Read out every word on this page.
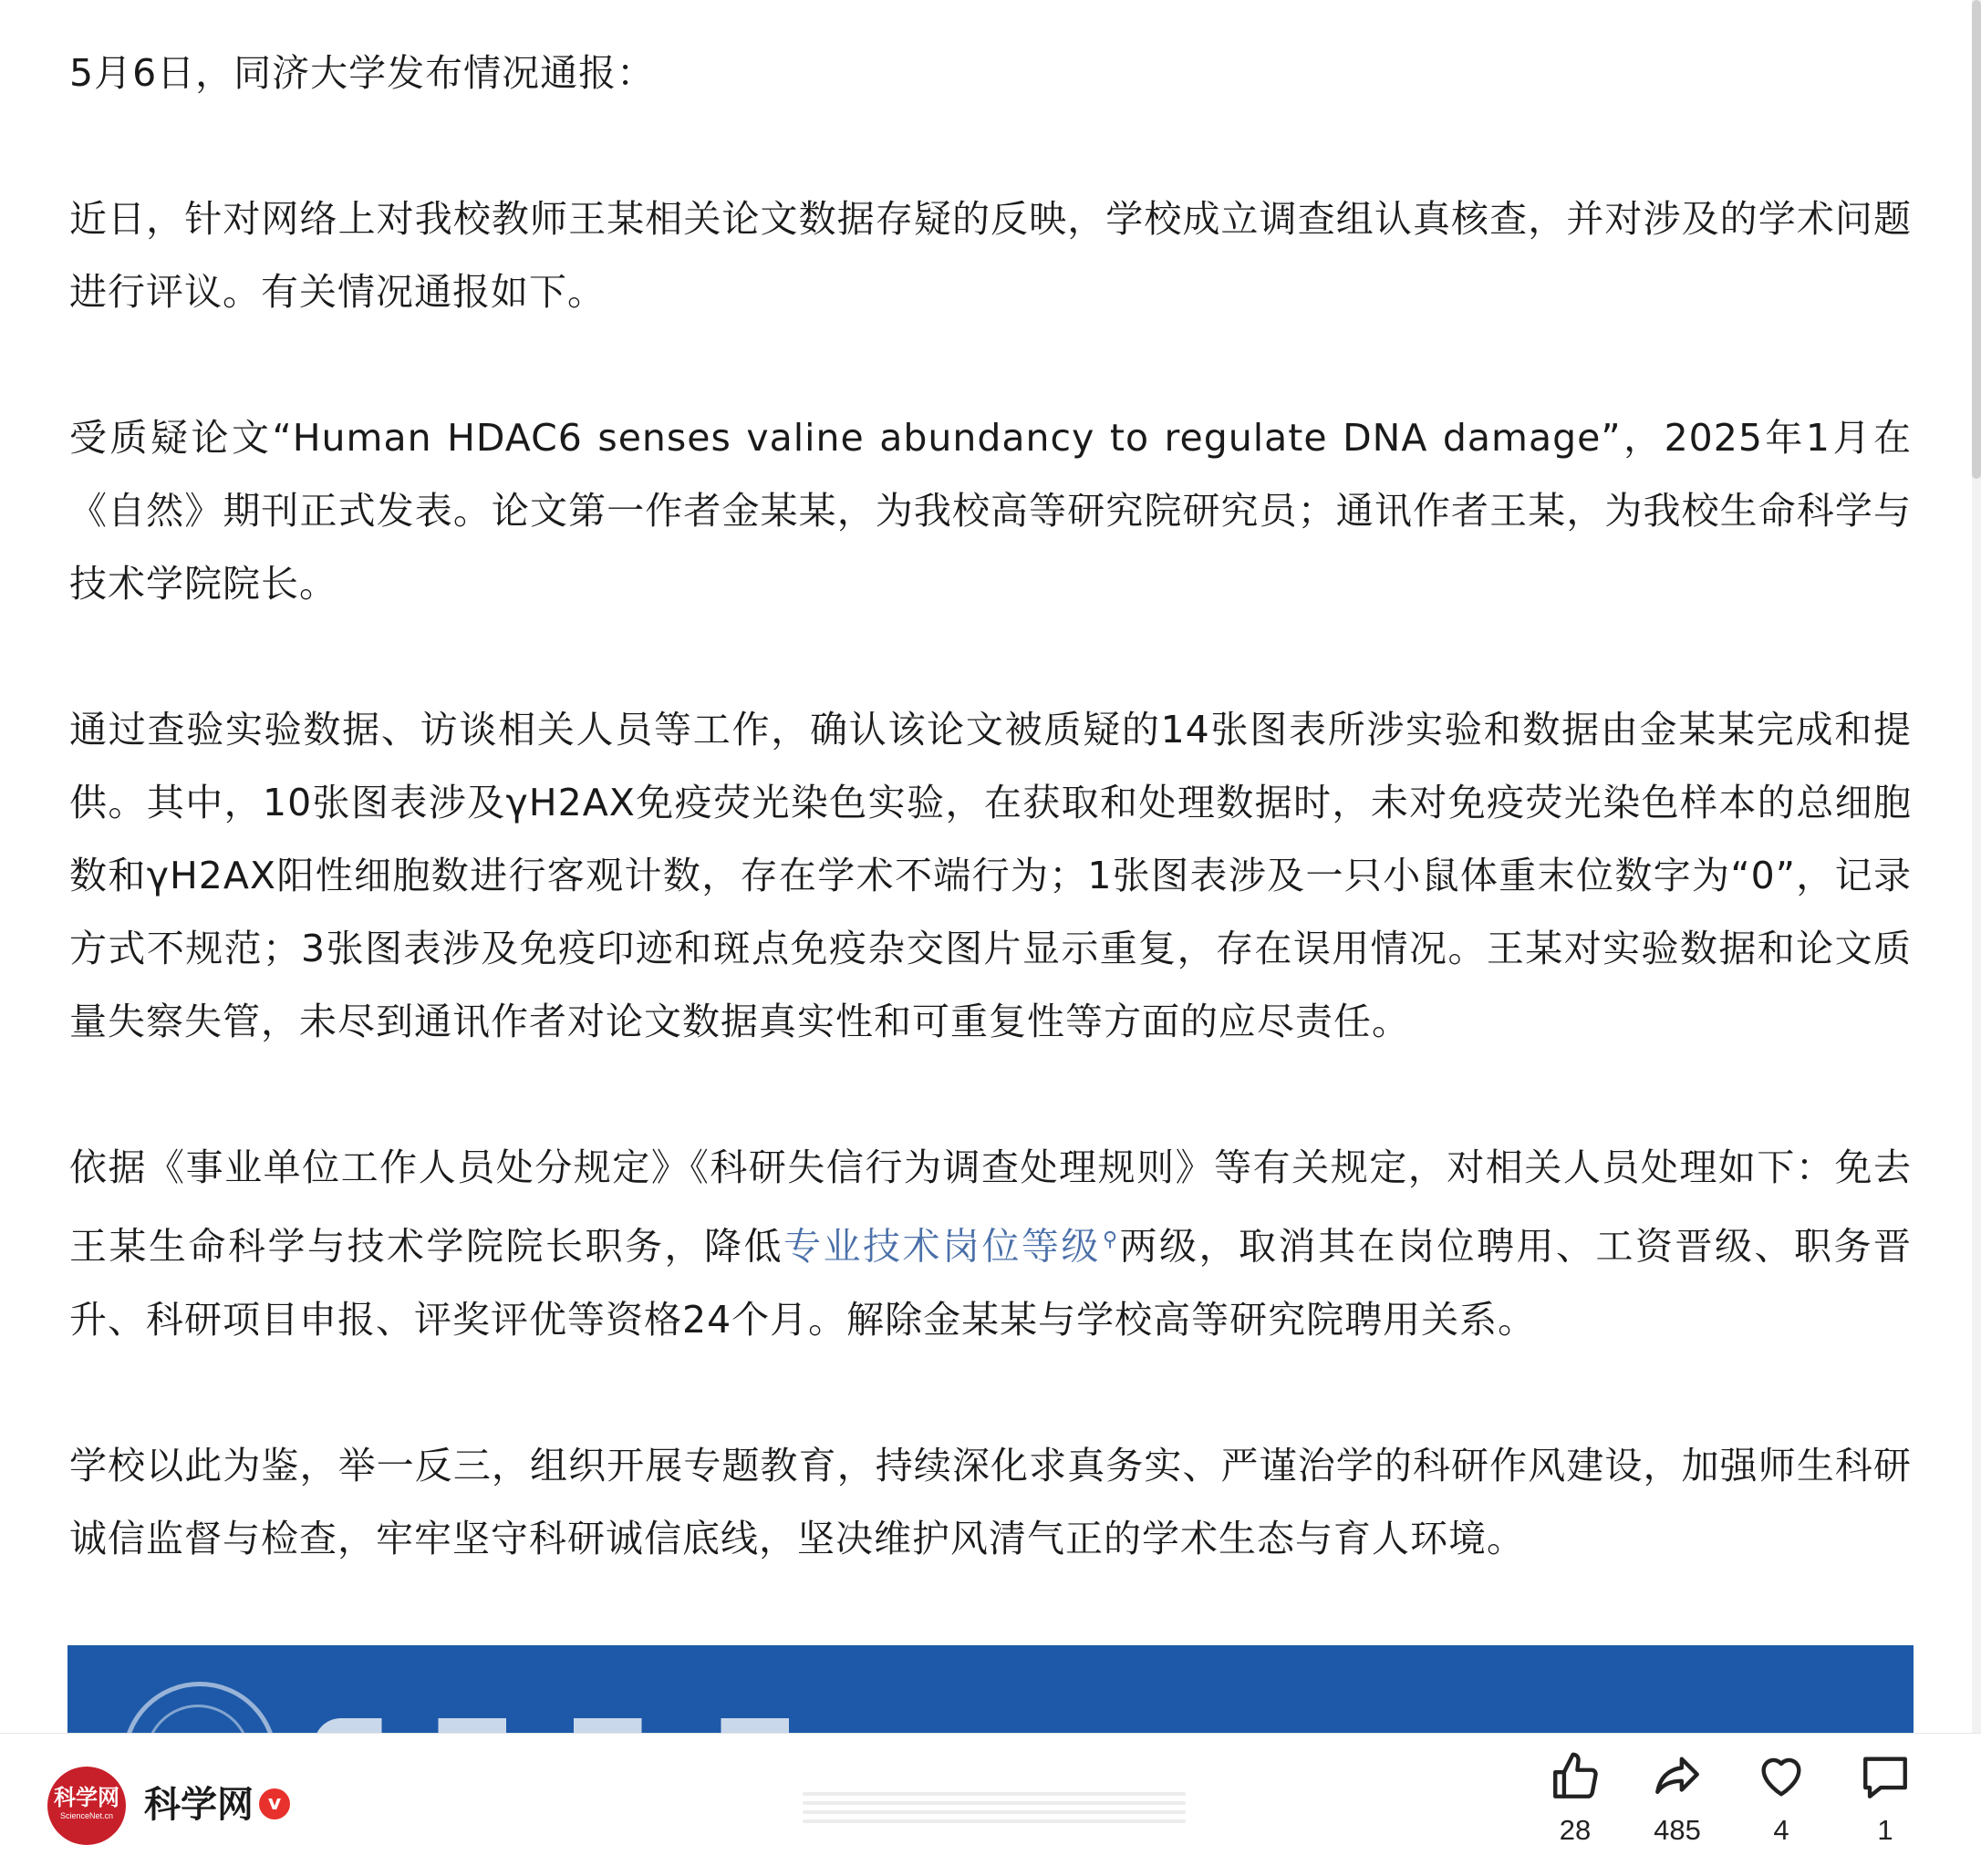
5月6日，同济大学发布情况通报：

近日，针对网络上对我校教师王某相关论文数据存疑的反映，学校成立调查组认真核查，并对涉及的学术问题进行评议。有关情况通报如下。

受质疑论文“Human HDAC6 senses valine abundancy to regulate DNA damage”，2025年1月在《自然》期刊正式发表。论文第一作者金某某，为我校高等研究院研究员；通讯作者王某，为我校生命科学与技术学院院长。

通过查验实验数据、访谈相关人员等工作，确认该论文被质疑的14张图表所涉实验和数据由金某某完成和提供。其中，10张图表涉及γH2AX免疫荧光染色实验，在获取和处理数据时，未对免疫荧光染色样本的总细胞数和γH2AX阳性细胞数进行客观计数，存在学术不端行为；1张图表涉及一只小鼠体重末位数字为“0”，记录方式不规范；3张图表涉及免疫印迹和斑点免疫杂交图片显示重复，存在误用情况。王某对实验数据和论文质量失察失管，未尽到通讯作者对论文数据真实性和可重复性等方面的应尽责任。

依据《事业单位工作人员处分规定》《科研失信行为调查处理规则》等有关规定，对相关人员处理如下：免去王某生命科学与技术学院院长职务，降低专业技术岗位等级⚲两级，取消其在岗位聘用、工资晋级、职务晋升、科研项目申报、评奖评优等资格24个月。解除金某某与学校高等研究院聘用关系。

学校以此为鉴，举一反三，组织开展专题教育，持续深化求真务实、严谨治学的科研作风建设，加强师生科研诚信监督与检查，牢牢坚守科研诚信底线，坚决维护风清气正的学术生态与育人环境。

科学网
ScienceNet.cn 科学网 v
28	485	4	1
